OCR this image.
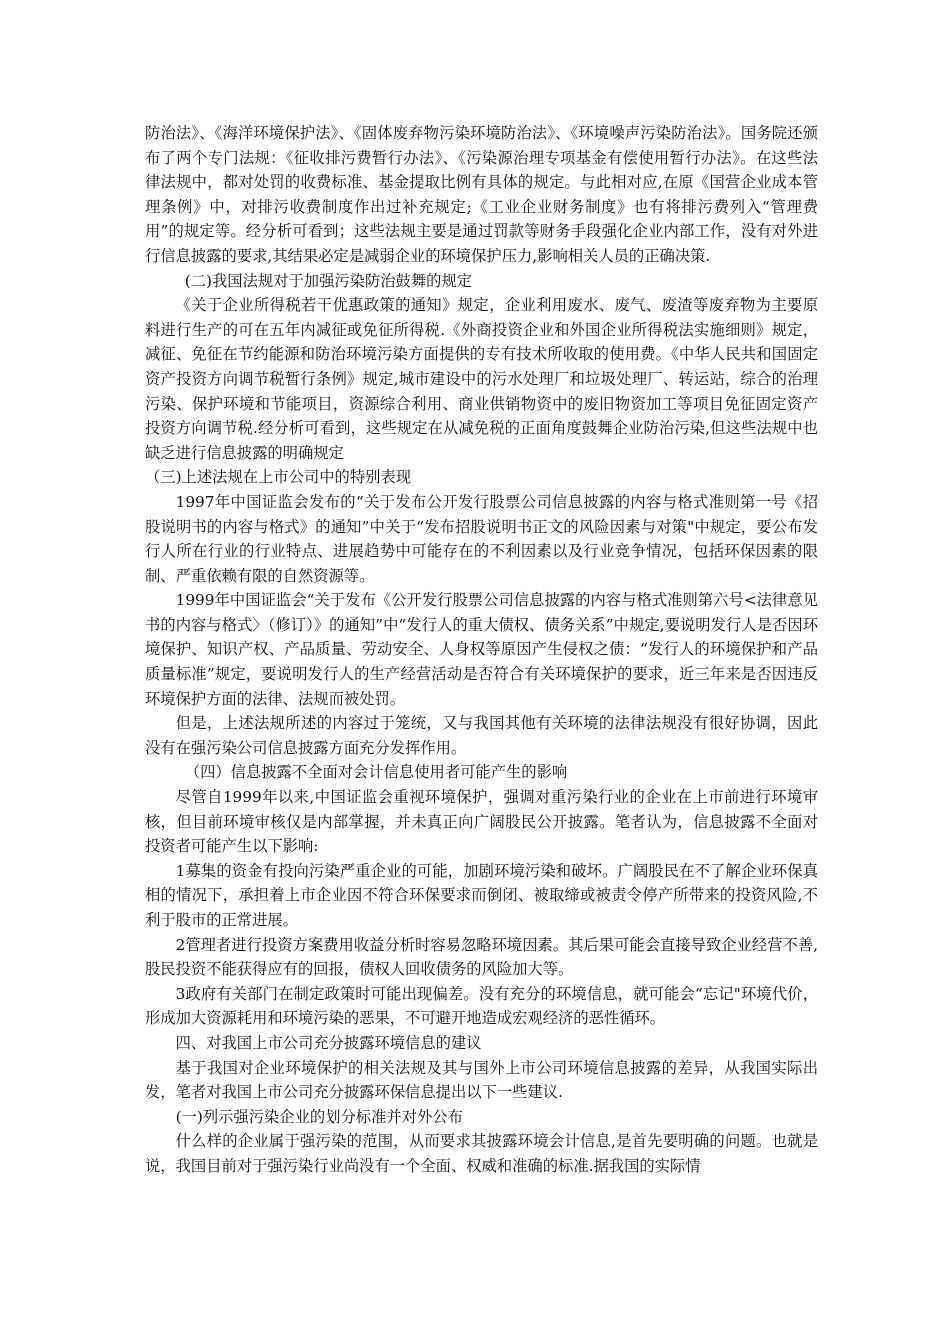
防治法》、《海洋环境保护法》、《固体废弃物污染环境防治法》、《环境噪声污染防治法》。国务院还颁布了两个专门法规：《征收排污费暂行办法》、《污染源治理专项基金有偿使用暂行办法》。在这些法律法规中，都对处罚的收费标准、基金提取比例有具体的规定。与此相对应,在原《国营企业成本管理条例》中，对排污收费制度作出过补充规定;《工业企业财务制度》也有将排污费列入“管理费用”的规定等。经分析可看到；这些法规主要是通过罚款等财务手段强化企业内部工作，没有对外进行信息披露的要求,其结果必定是减弱企业的环境保护压力,影响相关人员的正确决策.

(二)我国法规对于加强污染防治鼓舞的规定

《关于企业所得税若干优惠政策的通知》规定，企业利用废水、废气、废渣等废弃物为主要原料进行生产的可在五年内减征或免征所得税.《外商投资企业和外国企业所得税法实施细则》规定，减征、免征在节约能源和防治环境污染方面提供的专有技术所收取的使用费。《中华人民共和国固定资产投资方向调节税暂行条例》规定,城市建设中的污水处理厂和垃圾处理厂、转运站，综合的治理污染、保护环境和节能项目，资源综合利用、商业供销物资中的废旧物资加工等项目免征固定资产投资方向调节税.经分析可看到，这些规定在从减免税的正面角度鼓舞企业防治污染,但这些法规中也缺乏进行信息披露的明确规定

（三)上述法规在上市公司中的特别表现

1997年中国证监会发布的“关于发布公开发行股票公司信息披露的内容与格式准则第一号《招股说明书的内容与格式》的通知”中关于“发布招股说明书正文的风险因素与对策"中规定，要公布发行人所在行业的行业特点、进展趋势中可能存在的不利因素以及行业竞争情况，包括环保因素的限制、严重依赖有限的自然资源等。

1999年中国证监会“关于发布《公开发行股票公司信息披露的内容与格式准则第六号<法律意见书的内容与格式〉（修订）》的通知”中“发行人的重大债权、债务关系”中规定,要说明发行人是否因环境保护、知识产权、产品质量、劳动安全、人身权等原因产生侵权之债：“发行人的环境保护和产品质量标准”规定，要说明发行人的生产经营活动是否符合有关环境保护的要求，近三年来是否因违反环境保护方面的法律、法规而被处罚。

但是，上述法规所述的内容过于笼统，又与我国其他有关环境的法律法规没有很好协调，因此没有在强污染公司信息披露方面充分发挥作用。

（四）信息披露不全面对会计信息使用者可能产生的影响

尽管自1999年以来,中国证监会重视环境保护，强调对重污染行业的企业在上市前进行环境审核，但目前环境审核仅是内部掌握，并未真正向广阔股民公开披露。笔者认为，信息披露不全面对投资者可能产生以下影响:

1募集的资金有投向污染严重企业的可能，加剧环境污染和破坏。广阔股民在不了解企业环保真相的情况下，承担着上市企业因不符合环保要求而倒闭、被取缔或被责令停产所带来的投资风险,不利于股市的正常进展。

2管理者进行投资方案费用收益分析时容易忽略环境因素。其后果可能会直接导致企业经营不善,股民投资不能获得应有的回报，债权人回收债务的风险加大等。

3政府有关部门在制定政策时可能出现偏差。没有充分的环境信息，就可能会“忘记"环境代价，形成加大资源耗用和环境污染的恶果，不可避开地造成宏观经济的恶性循环。

四、对我国上市公司充分披露环境信息的建议

基于我国对企业环境保护的相关法规及其与国外上市公司环境信息披露的差异，从我国实际出发，笔者对我国上市公司充分披露环保信息提出以下一些建议.

(一)列示强污染企业的划分标准并对外公布

什么样的企业属于强污染的范围，从而要求其披露环境会计信息,是首先要明确的问题。也就是说，我国目前对于强污染行业尚没有一个全面、权威和准确的标准.据我国的实际情
